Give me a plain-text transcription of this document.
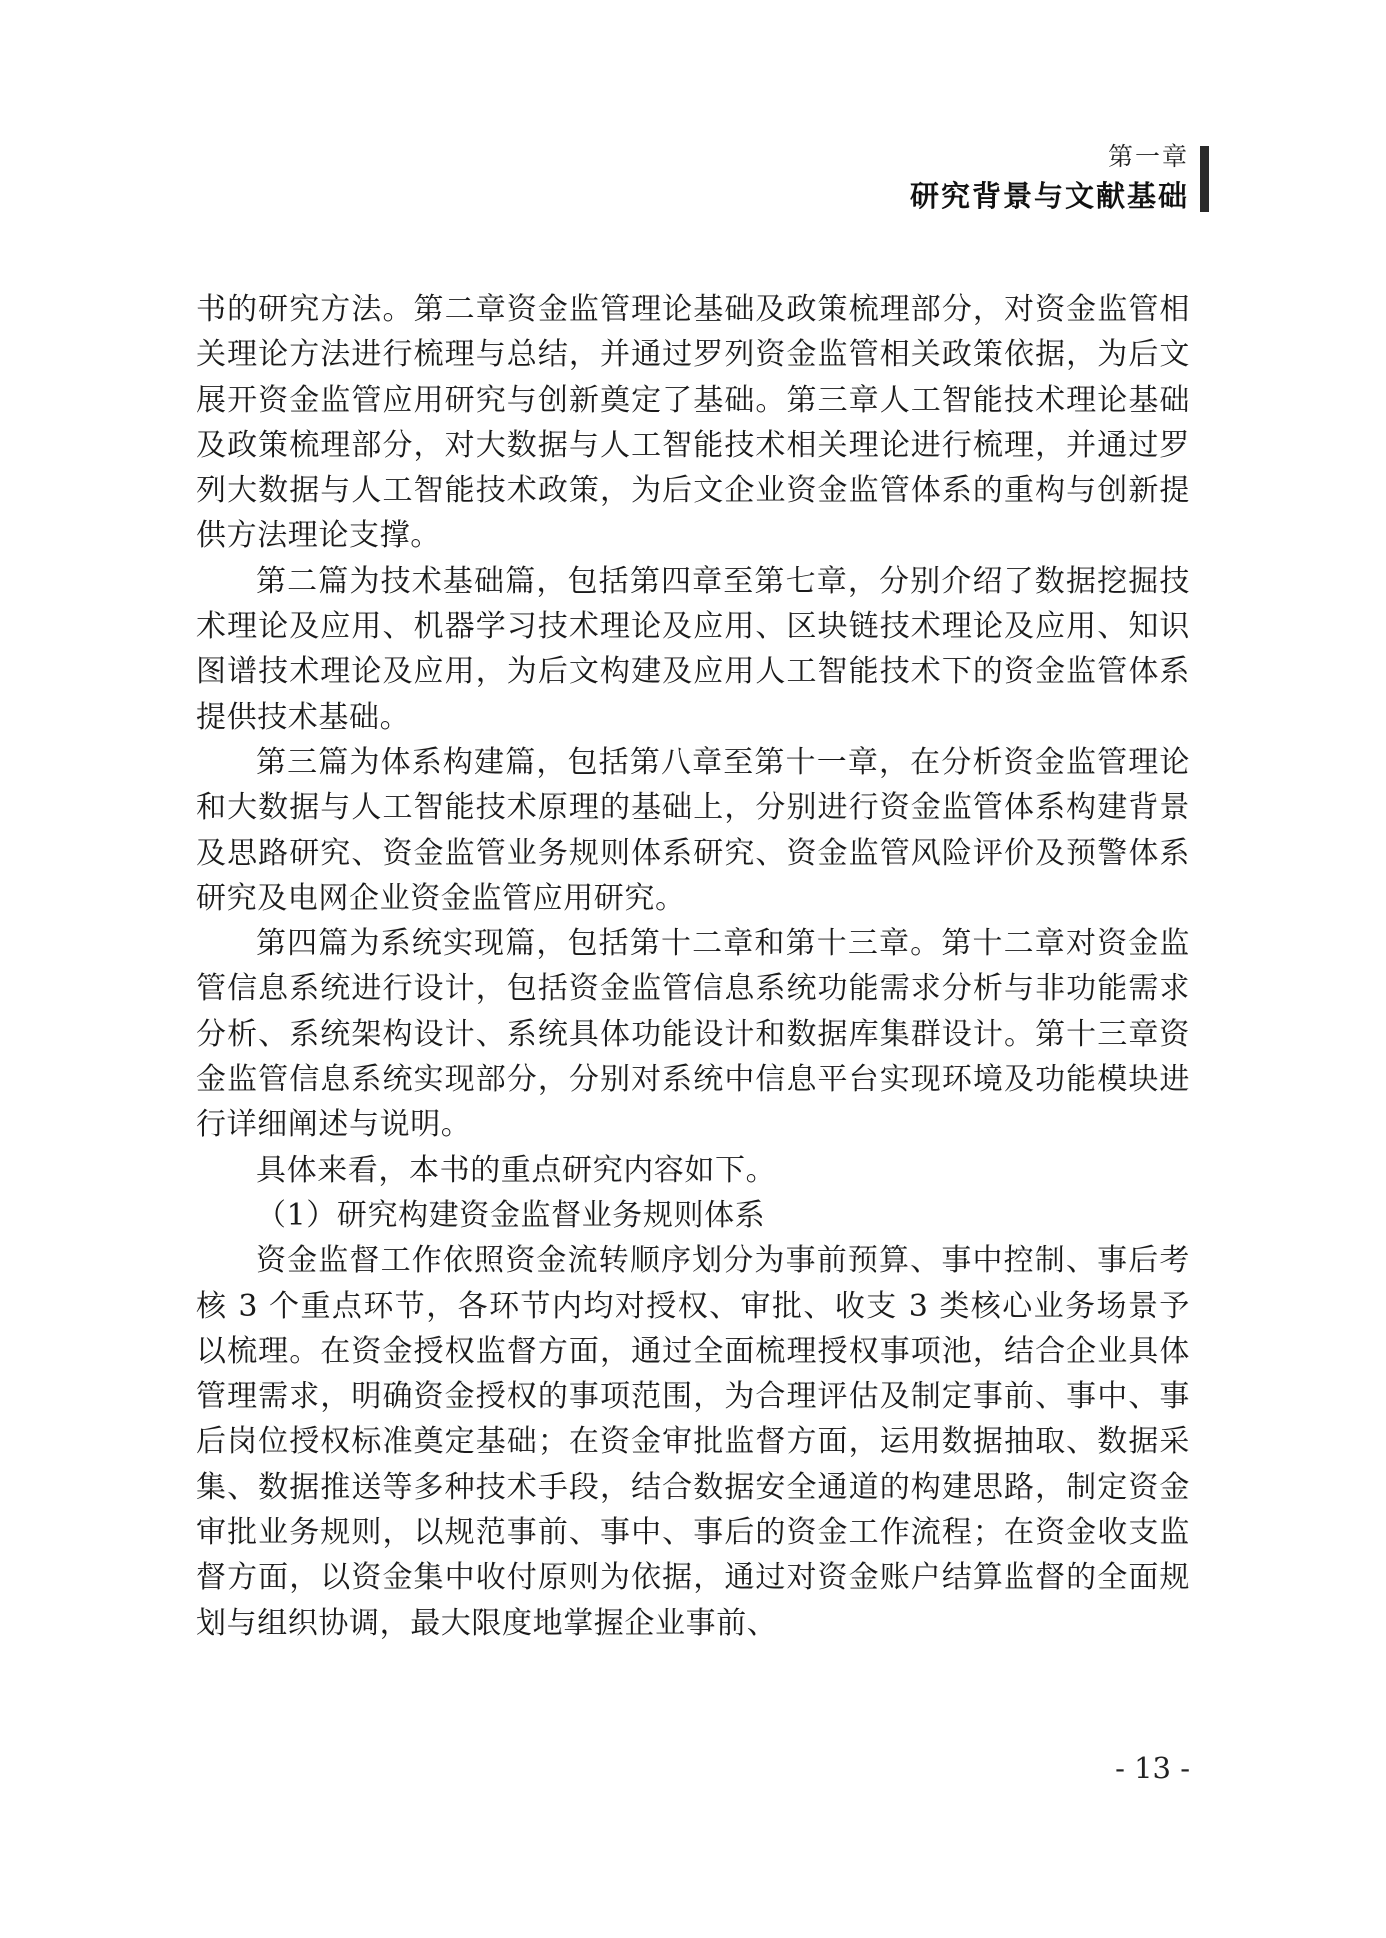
第一章
研究背景与文献基础

书的研究方法。第二章资金监管理论基础及政策梳理部分，对资金监管相关理论方法进行梳理与总结，并通过罗列资金监管相关政策依据，为后文展开资金监管应用研究与创新奠定了基础。第三章人工智能技术理论基础及政策梳理部分，对大数据与人工智能技术相关理论进行梳理，并通过罗列大数据与人工智能技术政策，为后文企业资金监管体系的重构与创新提供方法理论支撑。

第二篇为技术基础篇，包括第四章至第七章，分别介绍了数据挖掘技术理论及应用、机器学习技术理论及应用、区块链技术理论及应用、知识图谱技术理论及应用，为后文构建及应用人工智能技术下的资金监管体系提供技术基础。

第三篇为体系构建篇，包括第八章至第十一章，在分析资金监管理论和大数据与人工智能技术原理的基础上，分别进行资金监管体系构建背景及思路研究、资金监管业务规则体系研究、资金监管风险评价及预警体系研究及电网企业资金监管应用研究。

第四篇为系统实现篇，包括第十二章和第十三章。第十二章对资金监管信息系统进行设计，包括资金监管信息系统功能需求分析与非功能需求分析、系统架构设计、系统具体功能设计和数据库集群设计。第十三章资金监管信息系统实现部分，分别对系统中信息平台实现环境及功能模块进行详细阐述与说明。

具体来看，本书的重点研究内容如下。

（1）研究构建资金监督业务规则体系

资金监督工作依照资金流转顺序划分为事前预算、事中控制、事后考核 3 个重点环节，各环节内均对授权、审批、收支 3 类核心业务场景予以梳理。在资金授权监督方面，通过全面梳理授权事项池，结合企业具体管理需求，明确资金授权的事项范围，为合理评估及制定事前、事中、事后岗位授权标准奠定基础；在资金审批监督方面，运用数据抽取、数据采集、数据推送等多种技术手段，结合数据安全通道的构建思路，制定资金审批业务规则，以规范事前、事中、事后的资金工作流程；在资金收支监督方面，以资金集中收付原则为依据，通过对资金账户结算监督的全面规划与组织协调，最大限度地掌握企业事前、

- 13 -
